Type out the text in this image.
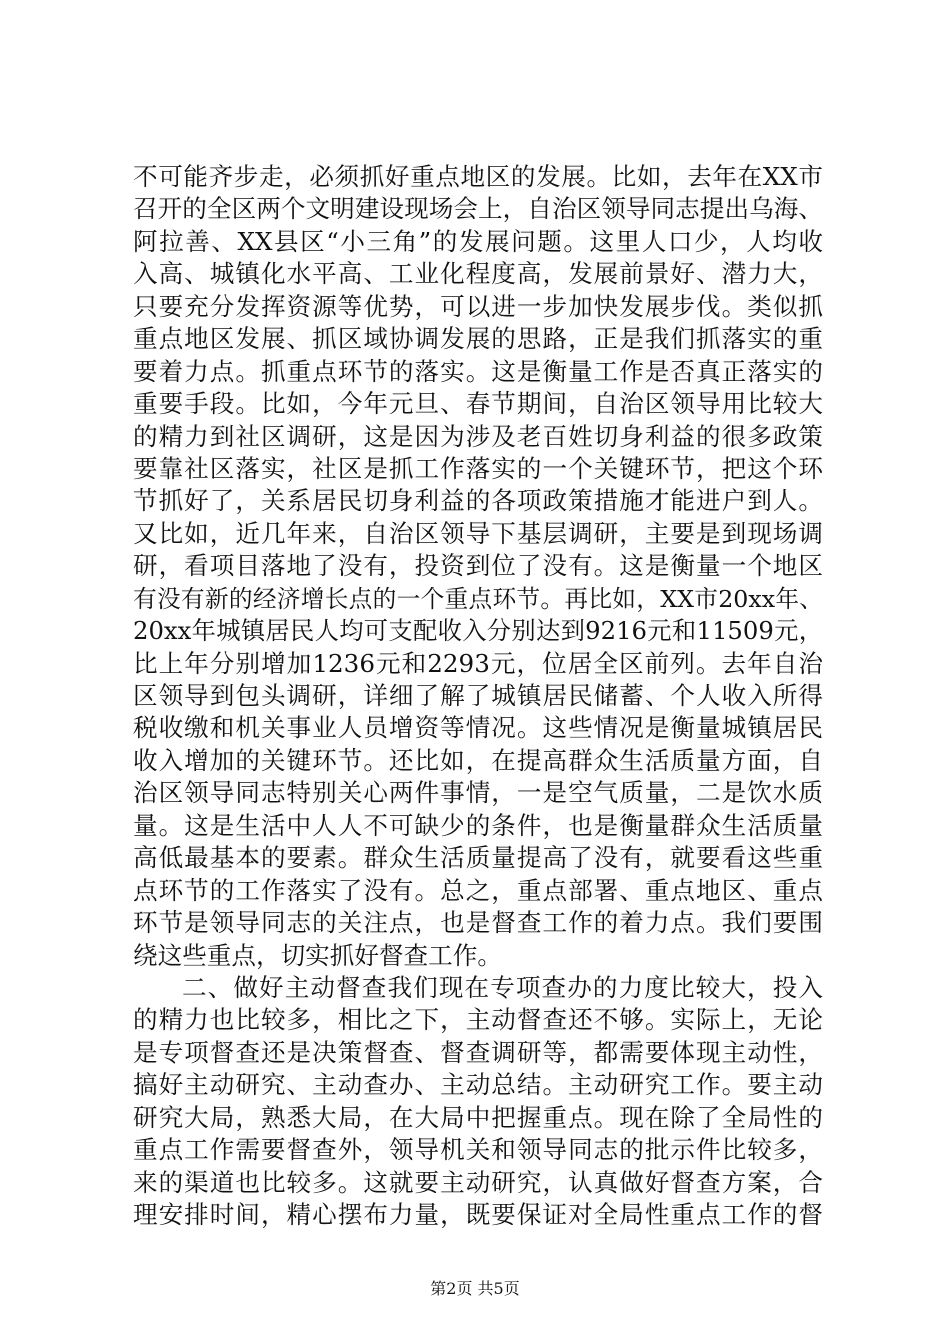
不可能齐步走，必须抓好重点地区的发展。比如，去年在XX市
召开的全区两个文明建设现场会上，自治区领导同志提出乌海、
阿拉善、XX县区“小三角”的发展问题。这里人口少，人均收
入高、城镇化水平高、工业化程度高，发展前景好、潜力大，
只要充分发挥资源等优势，可以进一步加快发展步伐。类似抓
重点地区发展、抓区域协调发展的思路，正是我们抓落实的重
要着力点。抓重点环节的落实。这是衡量工作是否真正落实的
重要手段。比如，今年元旦、春节期间，自治区领导用比较大
的精力到社区调研，这是因为涉及老百姓切身利益的很多政策
要靠社区落实，社区是抓工作落实的一个关键环节，把这个环
节抓好了，关系居民切身利益的各项政策措施才能进户到人。
又比如，近几年来，自治区领导下基层调研，主要是到现场调
研，看项目落地了没有，投资到位了没有。这是衡量一个地区
有没有新的经济增长点的一个重点环节。再比如，XX市20xx年、
20xx年城镇居民人均可支配收入分别达到9216元和11509元，
比上年分别增加1236元和2293元，位居全区前列。去年自治
区领导到包头调研，详细了解了城镇居民储蓄、个人收入所得
税收缴和机关事业人员增资等情况。这些情况是衡量城镇居民
收入增加的关键环节。还比如，在提高群众生活质量方面，自
治区领导同志特别关心两件事情，一是空气质量，二是饮水质
量。这是生活中人人不可缺少的条件，也是衡量群众生活质量
高低最基本的要素。群众生活质量提高了没有，就要看这些重
点环节的工作落实了没有。总之，重点部署、重点地区、重点
环节是领导同志的关注点，也是督查工作的着力点。我们要围
绕这些重点，切实抓好督查工作。
二、做好主动督查我们现在专项查办的力度比较大，投入
的精力也比较多，相比之下，主动督查还不够。实际上，无论
是专项督查还是决策督查、督查调研等，都需要体现主动性，
搞好主动研究、主动查办、主动总结。主动研究工作。要主动
研究大局，熟悉大局，在大局中把握重点。现在除了全局性的
重点工作需要督查外，领导机关和领导同志的批示件比较多，
来的渠道也比较多。这就要主动研究，认真做好督查方案，合
理安排时间，精心摆布力量，既要保证对全局性重点工作的督
第2页 共5页
